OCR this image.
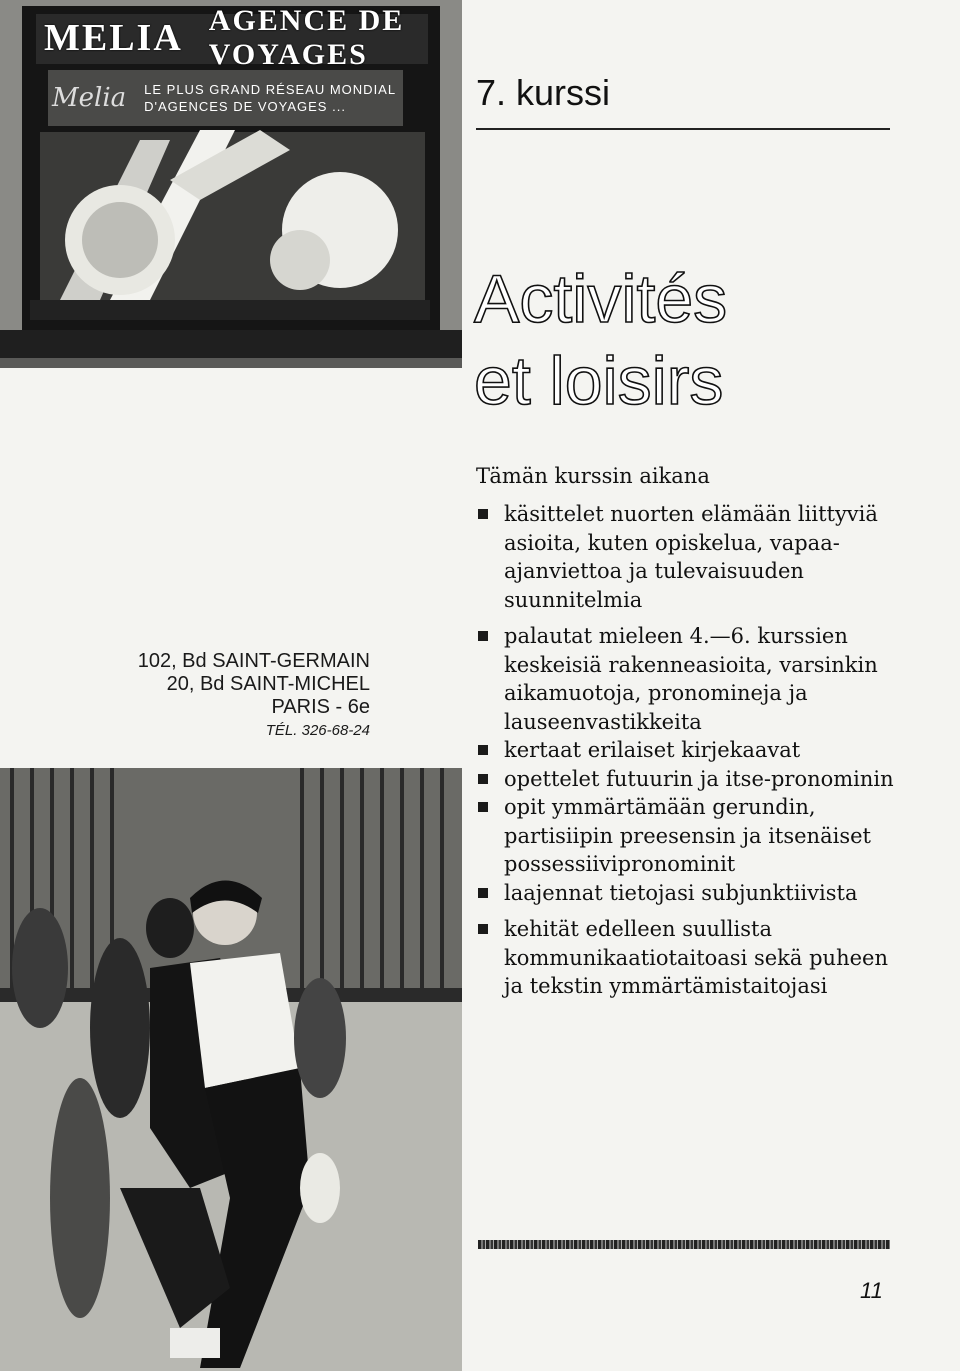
MELIA AGENCE DE VOYAGES
Melia LE PLUS GRAND RÉSEAU MONDIAL
D'AGENCES DE VOYAGES ...
102, Bd SAINT-GERMAIN
20, Bd SAINT-MICHEL
PARIS - 6e
TÉL. 326-68-24
7. kurssi
Activités
et loisirs
Tämän kurssin aikana
käsittelet nuorten elämään liittyviä asioita, kuten opiskelua, vapaa-ajanviettoa ja tulevaisuuden suunnitelmia
palautat mieleen 4.—6. kurssien keskeisiä rakenneasioita, varsinkin aikamuotoja, pronomineja ja lauseenvastikkeita
kertaat erilaiset kirjekaavat
opettelet futuurin ja itse-pronominin
opit ymmärtämään gerundin, partisiipin preesensin ja itsenäiset possessiivipronominit
laajennat tietojasi subjunktiivista
kehität edelleen suullista kommunikaatiotaitoasi sekä puheen ja tekstin ymmärtämistaitojasi
11
